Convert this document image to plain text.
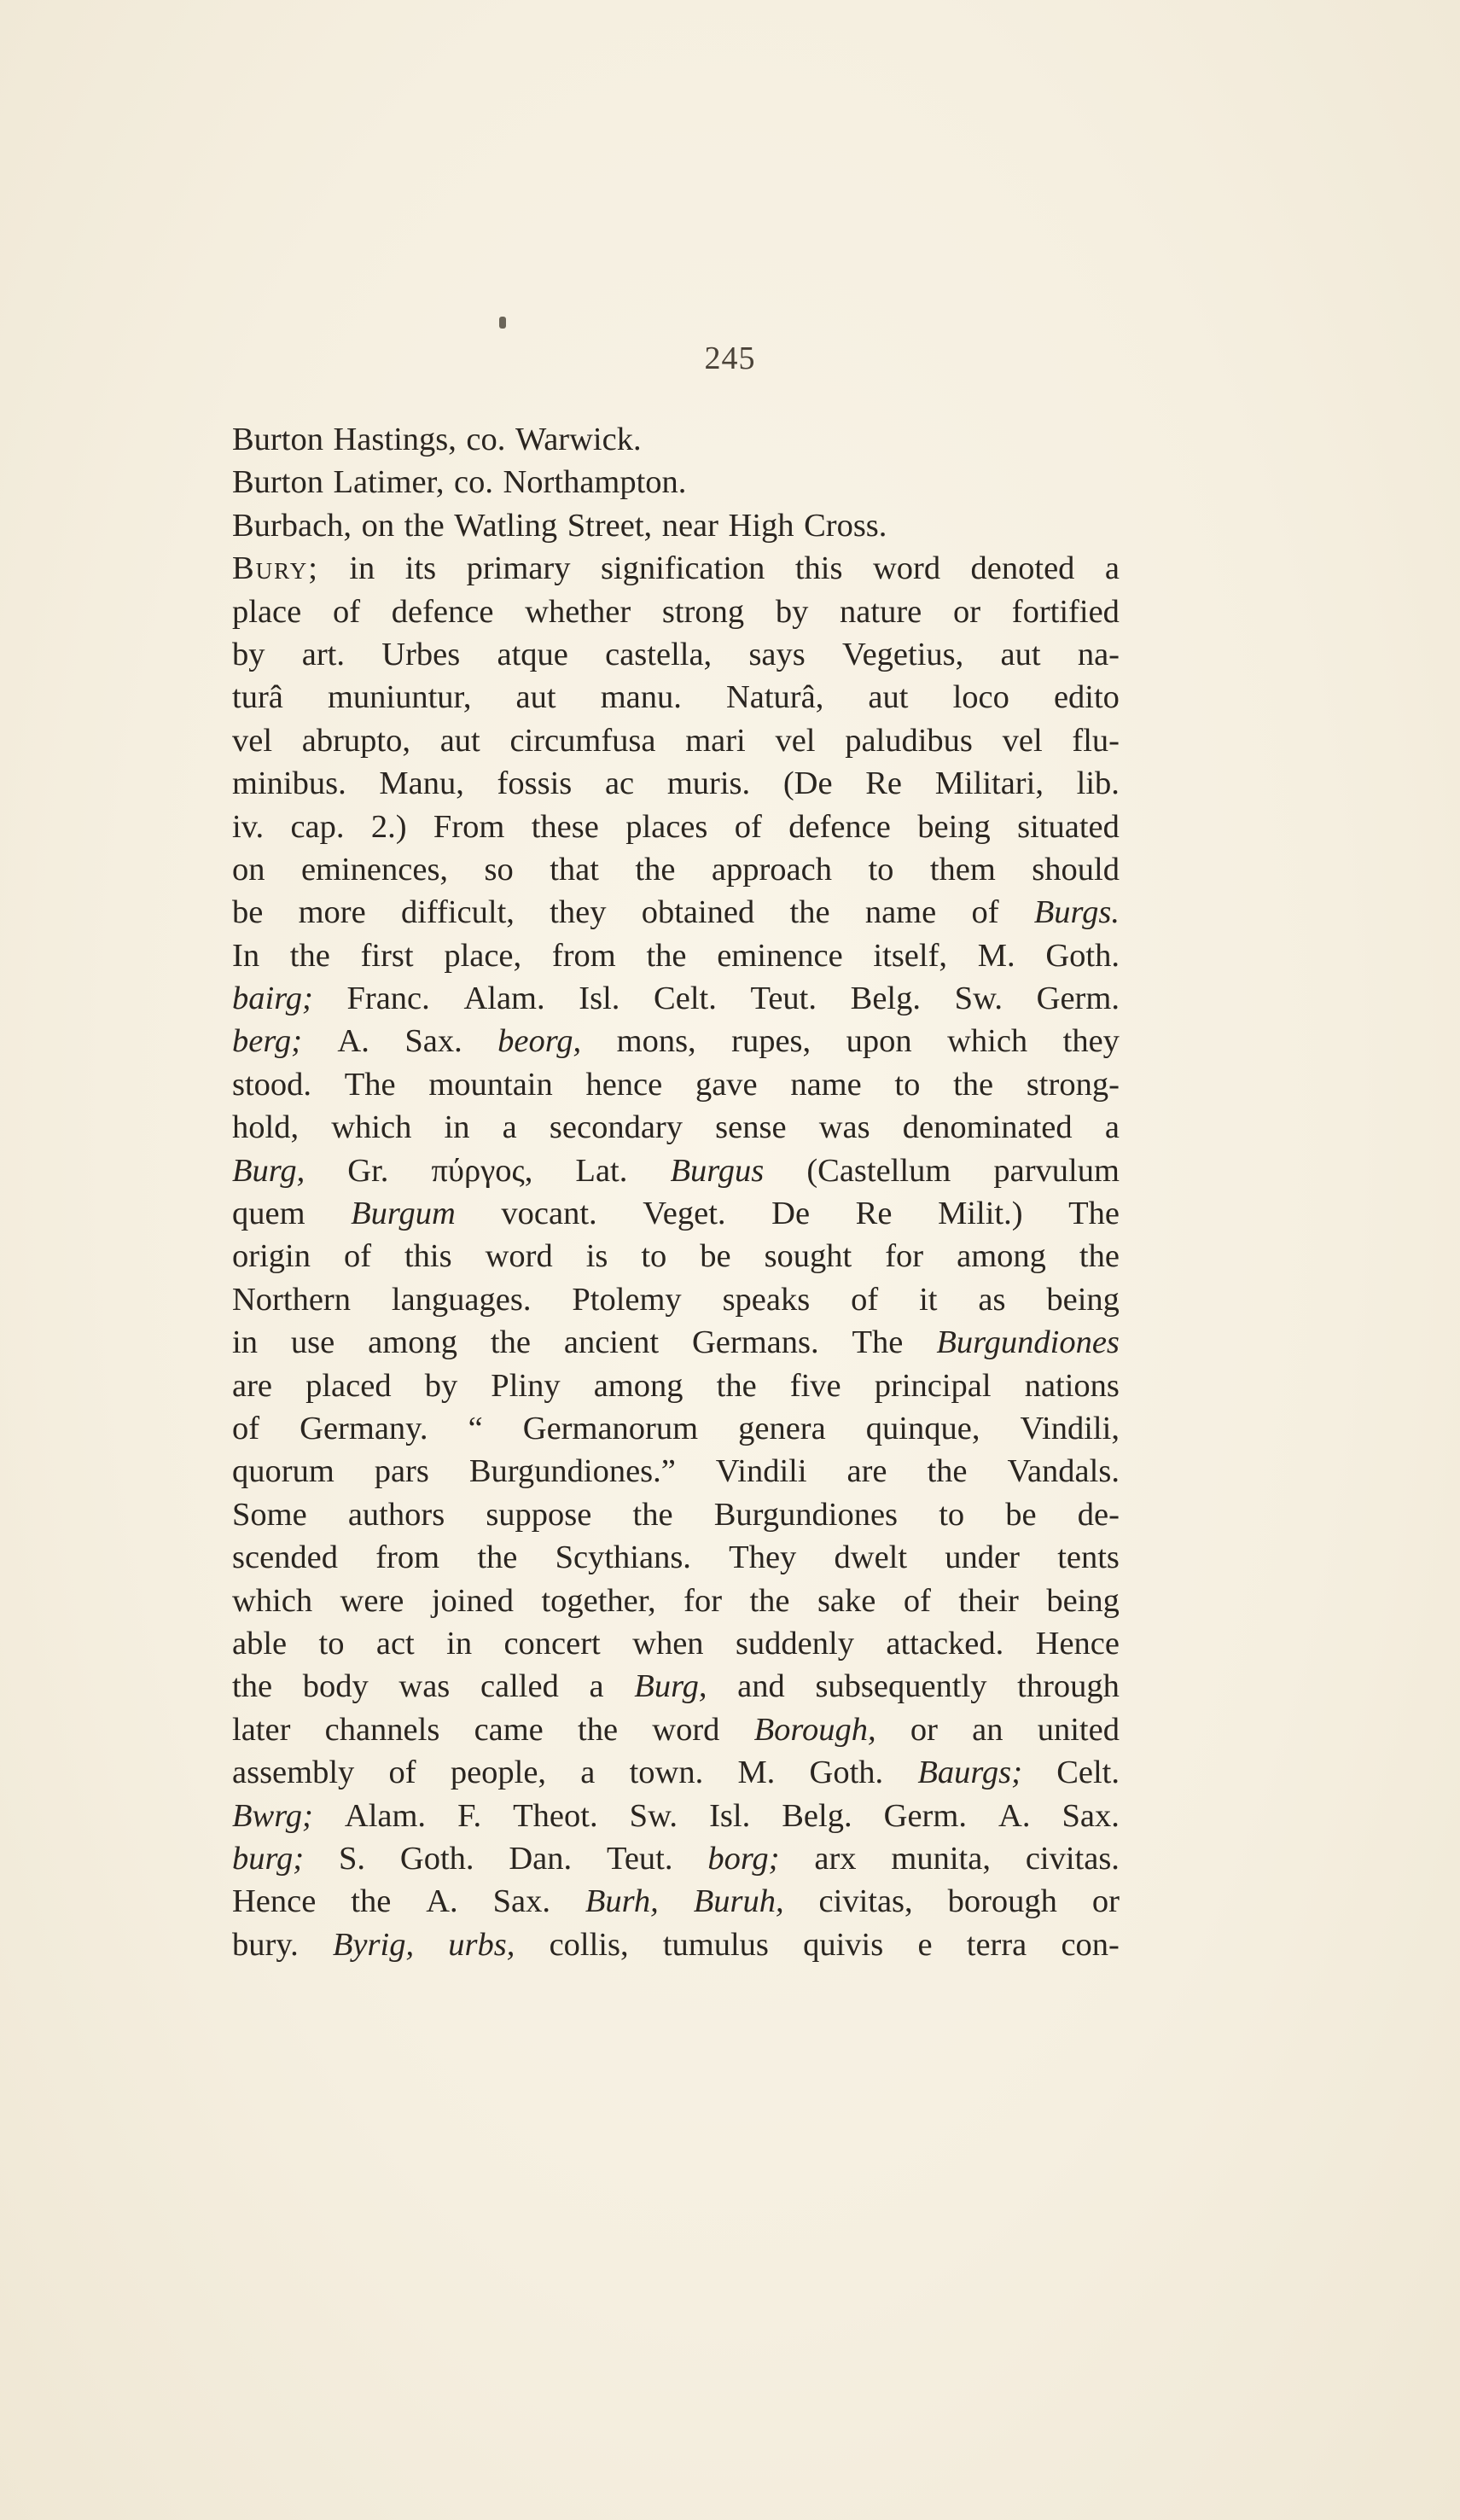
245
Burton Hastings, co. Warwick.
Burton Latimer, co. Northampton.
Burbach, on the Watling Street, near High Cross.
Bury; in its primary signification this word denoted a
place of defence whether strong by nature or fortified
by art. Urbes atque castella, says Vegetius, aut na-
turâ muniuntur, aut manu. Naturâ, aut loco edito
vel abrupto, aut circumfusa mari vel paludibus vel flu-
minibus. Manu, fossis ac muris. (De Re Militari, lib.
iv. cap. 2.) From these places of defence being situated
on eminences, so that the approach to them should
be more difficult, they obtained the name of Burgs.
In the first place, from the eminence itself, M. Goth.
bairg; Franc. Alam. Isl. Celt. Teut. Belg. Sw. Germ.
berg; A. Sax. beorg, mons, rupes, upon which they
stood. The mountain hence gave name to the strong-
hold, which in a secondary sense was denominated a
Burg, Gr. πύργος, Lat. Burgus (Castellum parvulum
quem Burgum vocant. Veget. De Re Milit.) The
origin of this word is to be sought for among the
Northern languages. Ptolemy speaks of it as being
in use among the ancient Germans. The Burgundiones
are placed by Pliny among the five principal nations
of Germany. “ Germanorum genera quinque, Vindili,
quorum pars Burgundiones.” Vindili are the Vandals.
Some authors suppose the Burgundiones to be de-
scended from the Scythians. They dwelt under tents
which were joined together, for the sake of their being
able to act in concert when suddenly attacked. Hence
the body was called a Burg, and subsequently through
later channels came the word Borough, or an united
assembly of people, a town. M. Goth. Baurgs; Celt.
Bwrg; Alam. F. Theot. Sw. Isl. Belg. Germ. A. Sax.
burg; S. Goth. Dan. Teut. borg; arx munita, civitas.
Hence the A. Sax. Burh, Buruh, civitas, borough or
bury. Byrig, urbs, collis, tumulus quivis e terra con-
